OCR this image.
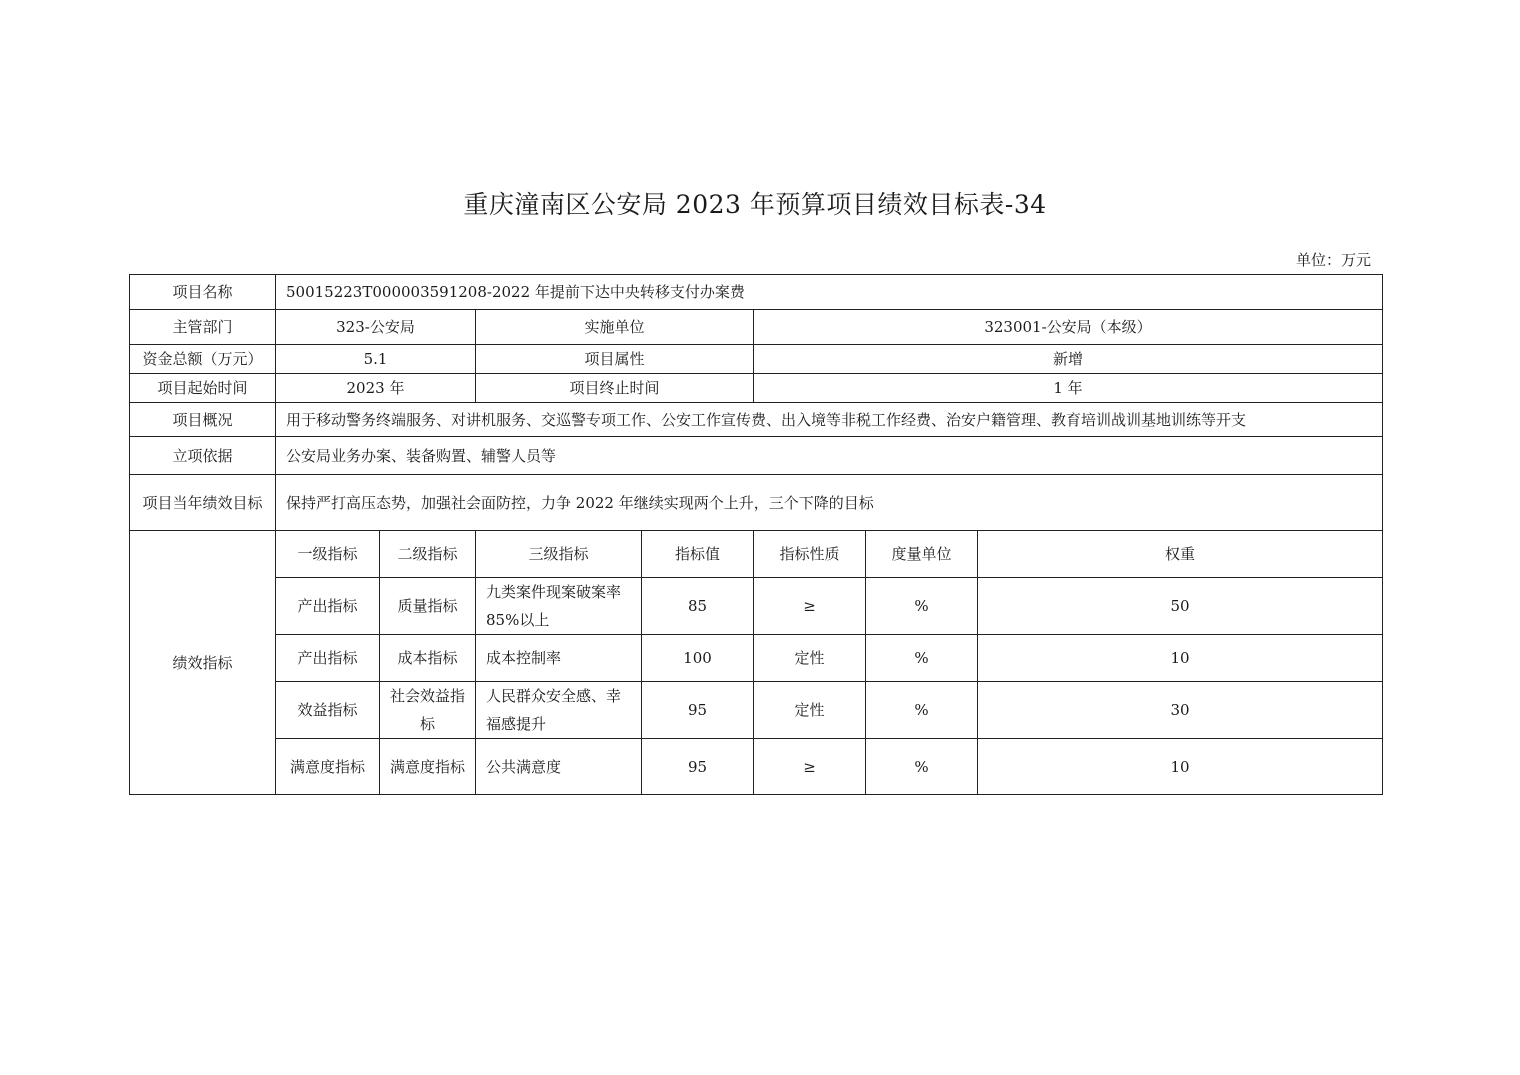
重庆潼南区公安局 2023 年预算项目绩效目标表-34
单位：万元
项目名称	50015223T000003591208-2022 年提前下达中央转移支付办案费						
主管部门	323-公安局		实施单位		323001-公安局（本级）		
资金总额（万元）	5.1		项目属性		新增		
项目起始时间	2023 年		项目终止时间		1 年		
项目概况	用于移动警务终端服务、对讲机服务、交巡警专项工作、公安工作宣传费、出入境等非税工作经费、治安户籍管理、教育培训战训基地训练等开支						
立项依据	公安局业务办案、装备购置、辅警人员等						
项目当年绩效目标	保持严打高压态势，加强社会面防控，力争 2022 年继续实现两个上升，三个下降的目标						
绩效指标	一级指标	二级指标	三级指标	指标值	指标性质	度量单位	权重
	产出指标	质量指标	九类案件现案破案率85%以上	85	≥	%	50
	产出指标	成本指标	成本控制率	100	定性	%	10
	效益指标	社会效益指标	人民群众安全感、幸福感提升	95	定性	%	30
	满意度指标	满意度指标	公共满意度	95	≥	%	10
